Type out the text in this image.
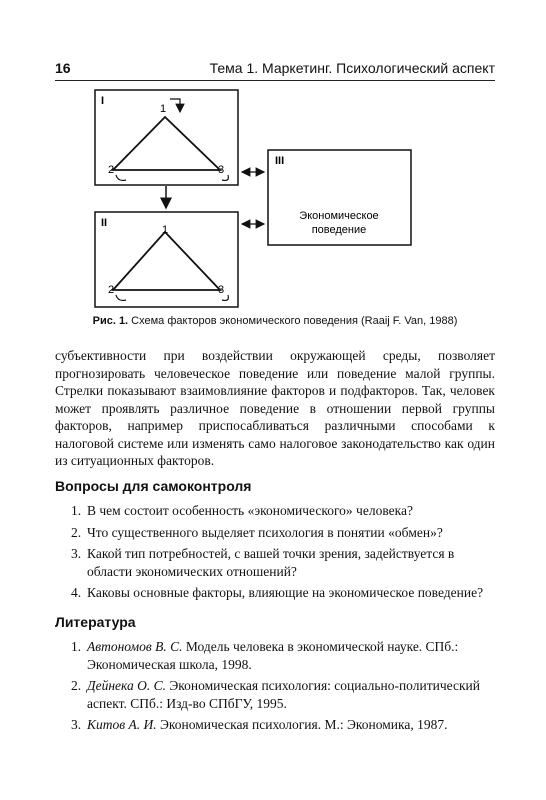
16	Тема 1. Маркетинг. Психологический аспект
I
1
2	3
II
1
2	3
III
Экономическое
поведение
Рис. 1. Схема факторов экономического поведения (Raaij F. Van, 1988)
субъективности при воздействии окружающей среды, позволяет прогнозировать человеческое поведение или поведение малой группы. Стрелки показывают взаимовлияние факторов и подфакторов. Так, человек может проявлять различное поведение в отношении первой группы факторов, например приспосабливаться различными способами к налоговой системе или изменять само налоговое законодательство как один из ситуационных факторов.
Вопросы для самоконтроля
1. В чем состоит особенность «экономического» человека?
2. Что существенного выделяет психология в понятии «обмен»?
3. Какой тип потребностей, с вашей точки зрения, задействуется в области экономических отношений?
4. Каковы основные факторы, влияющие на экономическое поведение?
Литература
1. Автономов В. С. Модель человека в экономической науке. СПб.: Экономическая школа, 1998.
2. Дейнека О. С. Экономическая психология: социально-политический аспект. СПб.: Изд-во СПбГУ, 1995.
3. Китов А. И. Экономическая психология. М.: Экономика, 1987.
